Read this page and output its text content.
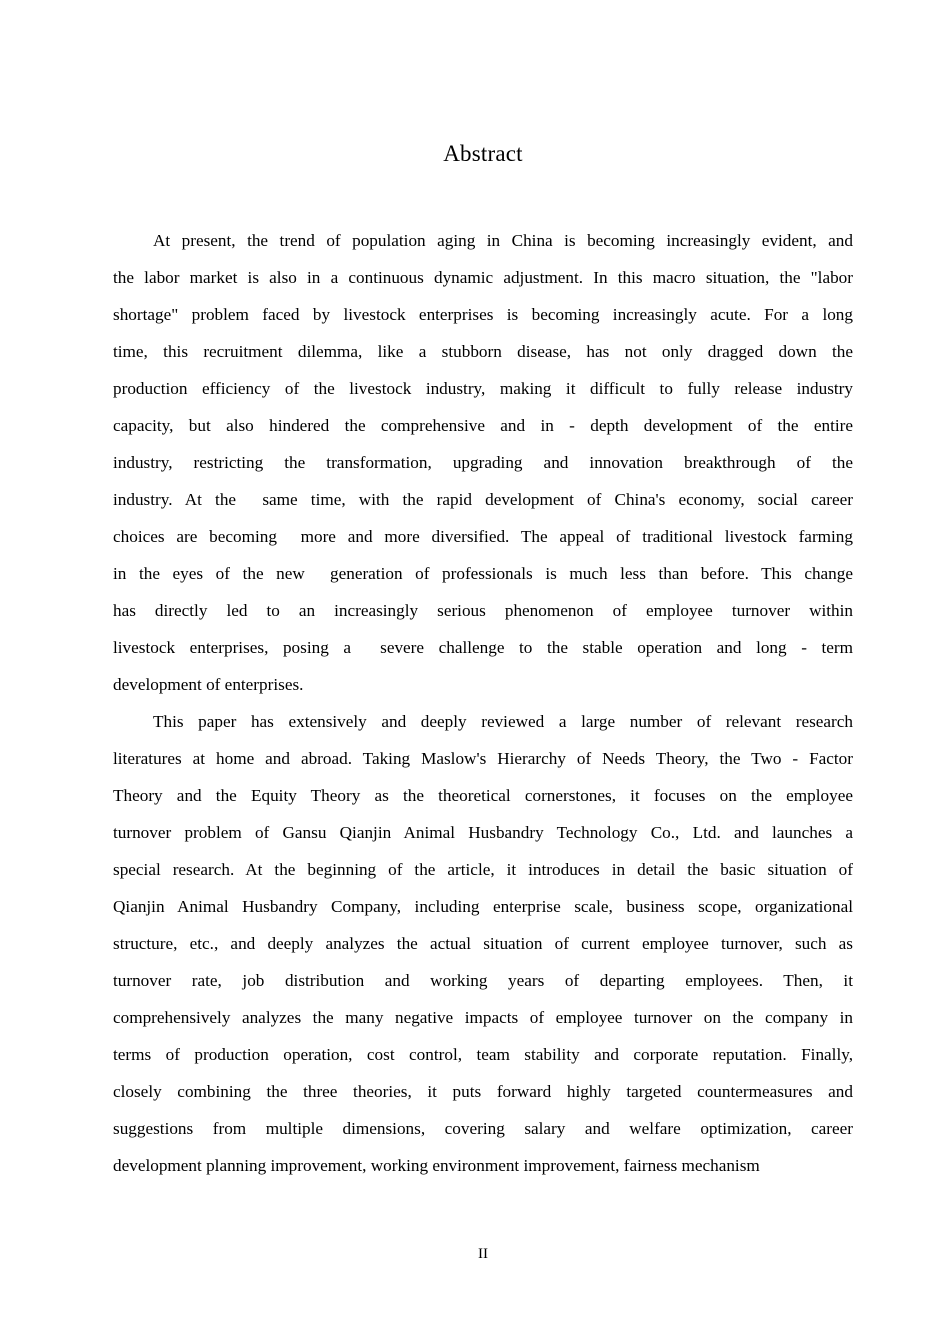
Abstract
At present, the trend of population aging in China is becoming increasingly evident, and
the labor market is also in a continuous dynamic adjustment. In this macro situation, the "labor
shortage" problem faced by livestock enterprises is becoming increasingly acute. For a long
time, this recruitment dilemma, like a stubborn disease, has not only dragged down the
production efficiency of the livestock industry, making it difficult to fully release industry
capacity, but also hindered the comprehensive and in - depth development of the entire
industry, restricting the transformation, upgrading and innovation breakthrough of the
industry. At the  same time, with the rapid development of China's economy, social career
choices are becoming  more and more diversified. The appeal of traditional livestock farming
in the eyes of the new  generation of professionals is much less than before. This change
has directly led to an increasingly serious phenomenon of employee turnover within
livestock enterprises, posing a  severe challenge to the stable operation and long - term
development of enterprises.
This paper has extensively and deeply reviewed a large number of relevant research
literatures at home and abroad. Taking Maslow's Hierarchy of Needs Theory, the Two - Factor
Theory and the Equity Theory as the theoretical cornerstones, it focuses on the employee
turnover problem of Gansu Qianjin Animal Husbandry Technology Co., Ltd. and launches a
special research. At the beginning of the article, it introduces in detail the basic situation of
Qianjin Animal Husbandry Company, including enterprise scale, business scope, organizational
structure, etc., and deeply analyzes the actual situation of current employee turnover, such as
turnover rate, job distribution and working years of departing employees. Then, it
comprehensively analyzes the many negative impacts of employee turnover on the company in
terms of production operation, cost control, team stability and corporate reputation. Finally,
closely combining the three theories, it puts forward highly targeted countermeasures and
suggestions from multiple dimensions, covering salary and welfare optimization, career
development planning improvement, working environment improvement, fairness mechanism
II
